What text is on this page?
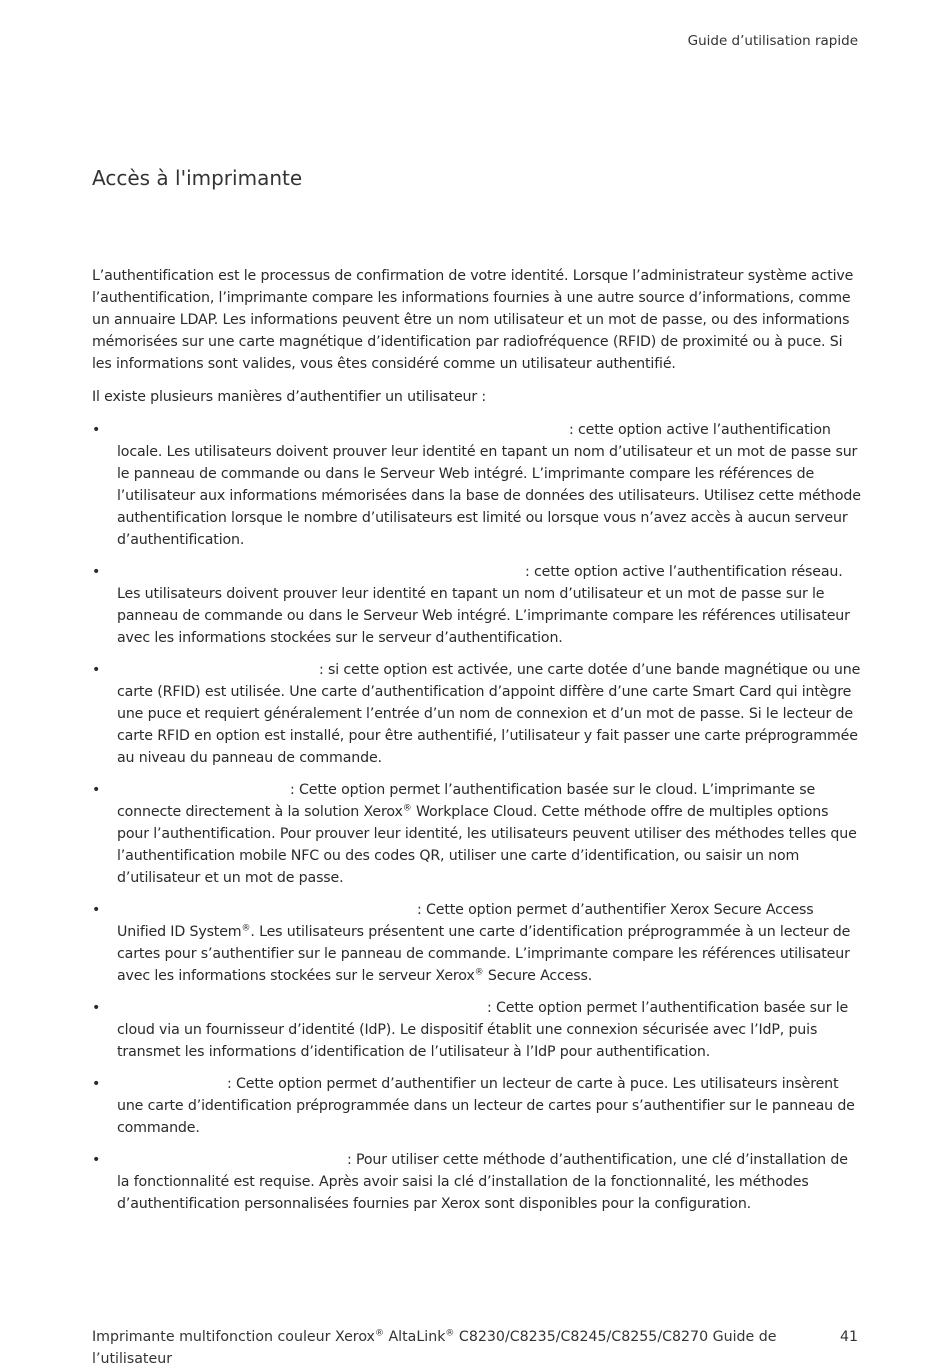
Guide d’utilisation rapide
Accès à l'imprimante

L’authentification est le processus de confirmation de votre identité. Lorsque l’administrateur système active l’authentification, l’imprimante compare les informations fournies à une autre source d’informations, comme un annuaire LDAP. Les informations peuvent être un nom utilisateur et un mot de passe, ou des informations mémorisées sur une carte magnétique d’identification par radiofréquence (RFID) de proximité ou à puce. Si les informations sont valides, vous êtes considéré comme un utilisateur authentifié.

Il existe plusieurs manières d’authentifier un utilisateur :

•	: cette option active l’authentification locale. Les utilisateurs doivent prouver leur identité en tapant un nom d’utilisateur et un mot de passe sur le panneau de commande ou dans le Serveur Web intégré. L’imprimante compare les références de l’utilisateur aux informations mémorisées dans la base de données des utilisateurs. Utilisez cette méthode authentification lorsque le nombre d’utilisateurs est limité ou lorsque vous n’avez accès à aucun serveur d’authentification.
•	: cette option active l’authentification réseau. Les utilisateurs doivent prouver leur identité en tapant un nom d’utilisateur et un mot de passe sur le panneau de commande ou dans le Serveur Web intégré. L’imprimante compare les références utilisateur avec les informations stockées sur le serveur d’authentification.
•	: si cette option est activée, une carte dotée d’une bande magnétique ou une carte (RFID) est utilisée. Une carte d’authentification d’appoint diffère d’une carte Smart Card qui intègre une puce et requiert généralement l’entrée d’un nom de connexion et d’un mot de passe. Si le lecteur de carte RFID en option est installé, pour être authentifié, l’utilisateur y fait passer une carte préprogrammée au niveau du panneau de commande.
•	: Cette option permet l’authentification basée sur le cloud. L’imprimante se connecte directement à la solution Xerox® Workplace Cloud. Cette méthode offre de multiples options pour l’authentification. Pour prouver leur identité, les utilisateurs peuvent utiliser des méthodes telles que l’authentification mobile NFC ou des codes QR, utiliser une carte d’identification, ou saisir un nom d’utilisateur et un mot de passe.
•	: Cette option permet d’authentifier Xerox Secure Access Unified ID System®. Les utilisateurs présentent une carte d’identification préprogrammée à un lecteur de cartes pour s’authentifier sur le panneau de commande. L’imprimante compare les références utilisateur avec les informations stockées sur le serveur Xerox® Secure Access.
•	: Cette option permet l’authentification basée sur le cloud via un fournisseur d’identité (IdP). Le dispositif établit une connexion sécurisée avec l’IdP, puis transmet les informations d’identification de l’utilisateur à l’IdP pour authentification.
•	: Cette option permet d’authentifier un lecteur de carte à puce. Les utilisateurs insèrent une carte d’identification préprogrammée dans un lecteur de cartes pour s’authentifier sur le panneau de commande.
•	: Pour utiliser cette méthode d’authentification, une clé d’installation de la fonctionnalité est requise. Après avoir saisi la clé d’installation de la fonctionnalité, les méthodes d’authentification personnalisées fournies par Xerox sont disponibles pour la configuration.
Imprimante multifonction couleur Xerox® AltaLink® C8230/C8235/C8245/C8255/C8270 Guide de l’utilisateur
41
